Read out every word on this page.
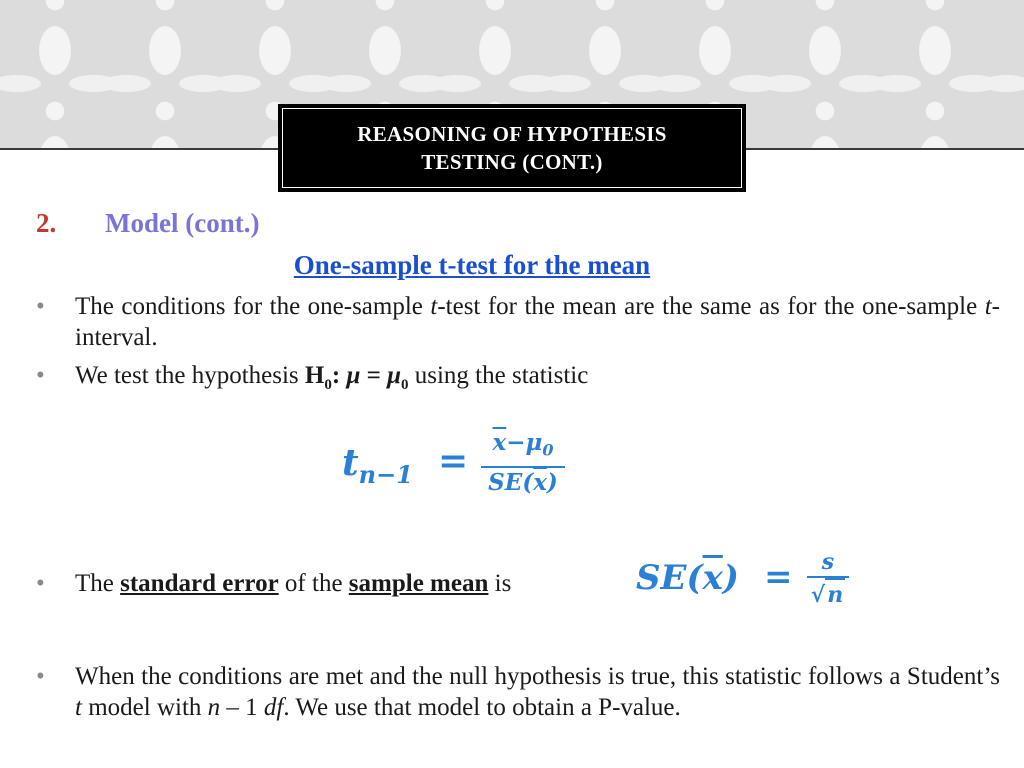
REASONING OF HYPOTHESIS
TESTING (CONT.)
2. Model (cont.)
One-sample t-test for the mean
• The conditions for the one-sample t-test for the mean are the same as for the one-sample t-interval.
• We test the hypothesis $H_0$: $\mu = \mu_0$ using the statistic
$t_{n-1} = \overline{x}-\mu_0$
$SE(\overline{x})$
• The standard error of the sample mean is	$SE(\overline{x}) = s$
√n
• When the conditions are met and the null hypothesis is true, this statistic follows a Student’s t model with n – 1 df. We use that model to obtain a P-value.
